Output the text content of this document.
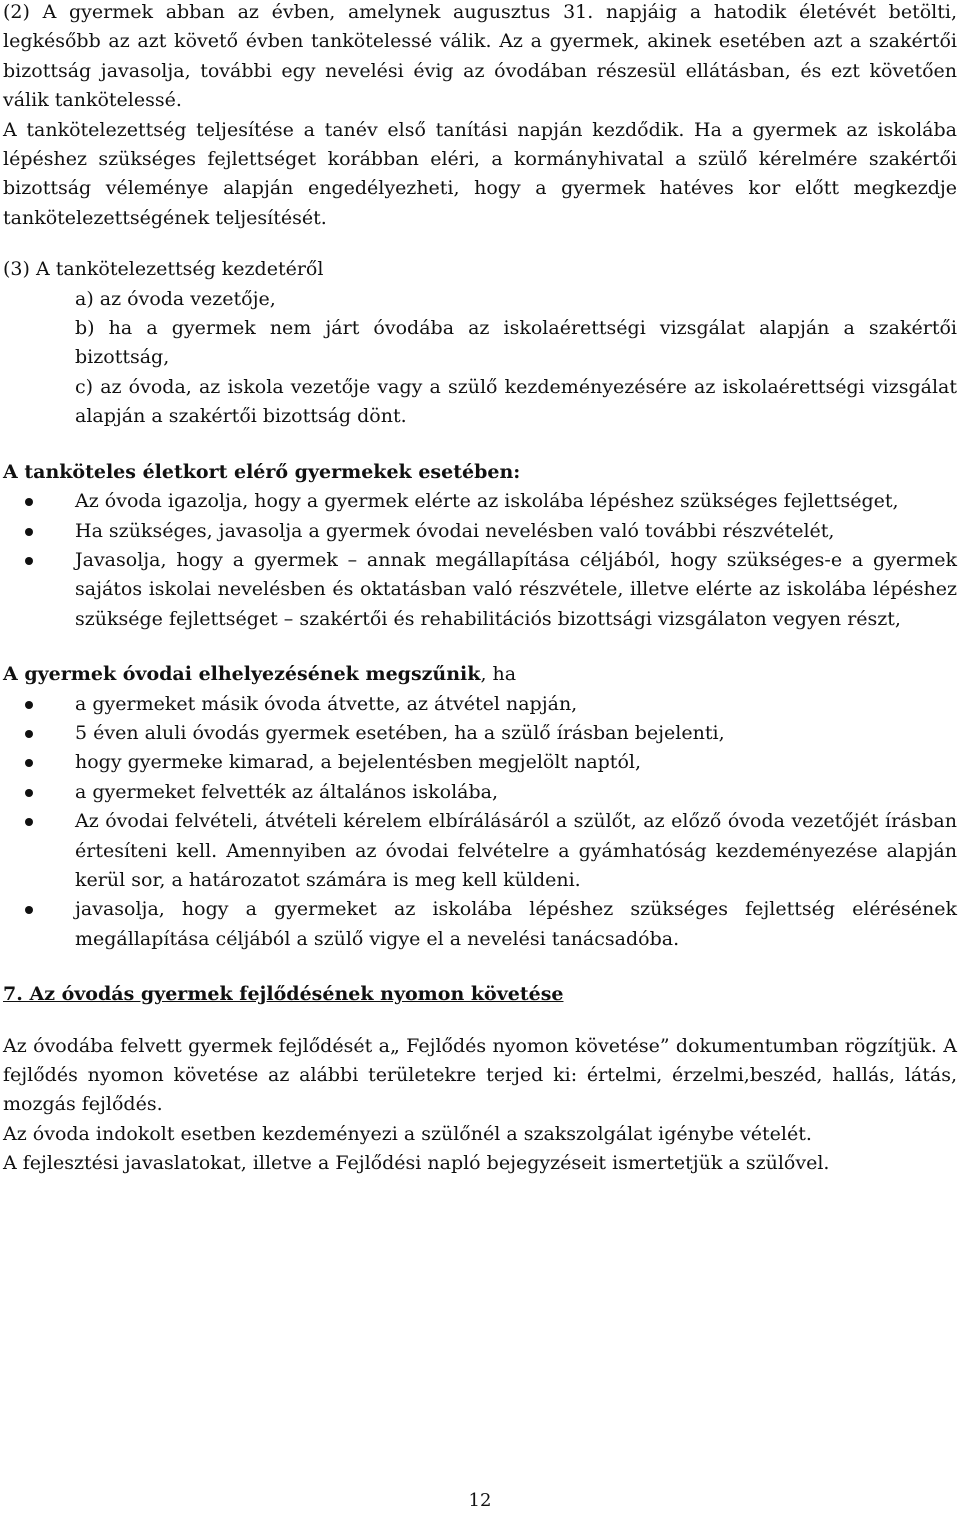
(2) A gyermek abban az évben, amelynek augusztus 31. napjáig a hatodik életévét betölti, legkésőbb az azt követő évben tankötelessé válik. Az a gyermek, akinek esetében azt a szakértői bizottság javasolja, további egy nevelési évig az óvodában részesül ellátásban, és ezt követően válik tankötelessé.

A tankötelezettség teljesítése a tanév első tanítási napján kezdődik. Ha a gyermek az iskolába lépéshez szükséges fejlettséget korábban eléri, a kormányhivatal a szülő kérelmére szakértői bizottság véleménye alapján engedélyezheti, hogy a gyermek hatéves kor előtt megkezdje tankötelezettségének teljesítését.

(3) A tankötelezettség kezdetéről

a) az óvoda vezetője,

b) ha a gyermek nem járt óvodába az iskolaérettségi vizsgálat alapján a szakértői bizottság,

c) az óvoda, az iskola vezetője vagy a szülő kezdeményezésére az iskolaérettségi vizsgálat alapján a szakértői bizottság dönt.

A tanköteles életkort elérő gyermekek esetében:

Az óvoda igazolja, hogy a gyermek elérte az iskolába lépéshez szükséges fejlettséget,
Ha szükséges, javasolja a gyermek óvodai nevelésben való további részvételét,
Javasolja, hogy a gyermek – annak megállapítása céljából, hogy szükséges-e a gyermek sajátos iskolai nevelésben és oktatásban való részvétele, illetve elérte az iskolába lépéshez szüksége fejlettséget – szakértői és rehabilitációs bizottsági vizsgálaton vegyen részt,

A gyermek óvodai elhelyezésének megszűnik, ha

a gyermeket másik óvoda átvette, az átvétel napján,
5 éven aluli óvodás gyermek esetében, ha a szülő írásban bejelenti,
hogy gyermeke kimarad, a bejelentésben megjelölt naptól,
a gyermeket felvették az általános iskolába,
Az óvodai felvételi, átvételi kérelem elbírálásáról a szülőt, az előző óvoda vezetőjét írásban értesíteni kell. Amennyiben az óvodai felvételre a gyámhatóság kezdeményezése alapján kerül sor, a határozatot számára is meg kell küldeni.
javasolja, hogy a gyermeket az iskolába lépéshez szükséges fejlettség elérésének megállapítása céljából a szülő vigye el a nevelési tanácsadóba.

7. Az óvodás gyermek fejlődésének nyomon követése

Az óvodába felvett gyermek fejlődését a„ Fejlődés nyomon követése” dokumentumban rögzítjük. A fejlődés nyomon követése az alábbi területekre terjed ki: értelmi, érzelmi,beszéd, hallás, látás, mozgás fejlődés.

Az óvoda indokolt esetben kezdeményezi a szülőnél a szakszolgálat igénybe vételét.

A fejlesztési javaslatokat, illetve a Fejlődési napló bejegyzéseit ismertetjük a szülővel.

12
